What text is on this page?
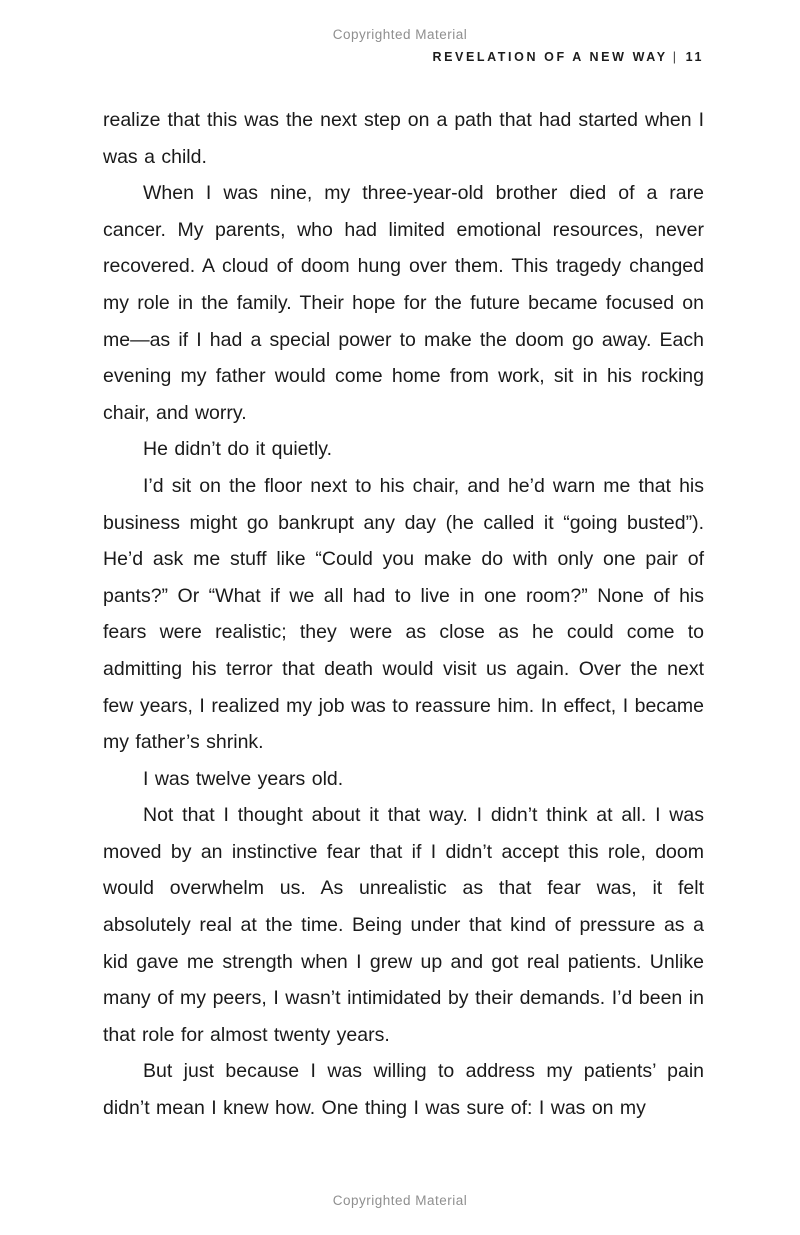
Copyrighted Material
REVELATION OF A NEW WAY | 11

realize that this was the next step on a path that had started when I was a child.

When I was nine, my three-year-old brother died of a rare cancer. My parents, who had limited emotional resources, never recovered. A cloud of doom hung over them. This tragedy changed my role in the family. Their hope for the future became focused on me—as if I had a special power to make the doom go away. Each evening my father would come home from work, sit in his rocking chair, and worry.

He didn’t do it quietly.

I’d sit on the floor next to his chair, and he’d warn me that his business might go bankrupt any day (he called it “going busted”). He’d ask me stuff like “Could you make do with only one pair of pants?” Or “What if we all had to live in one room?” None of his fears were realistic; they were as close as he could come to admitting his terror that death would visit us again. Over the next few years, I realized my job was to reassure him. In effect, I became my father’s shrink.

I was twelve years old.

Not that I thought about it that way. I didn’t think at all. I was moved by an instinctive fear that if I didn’t accept this role, doom would overwhelm us. As unrealistic as that fear was, it felt absolutely real at the time. Being under that kind of pressure as a kid gave me strength when I grew up and got real patients. Unlike many of my peers, I wasn’t intimidated by their demands. I’d been in that role for almost twenty years.

But just because I was willing to address my patients’ pain didn’t mean I knew how. One thing I was sure of: I was on my

Copyrighted Material
